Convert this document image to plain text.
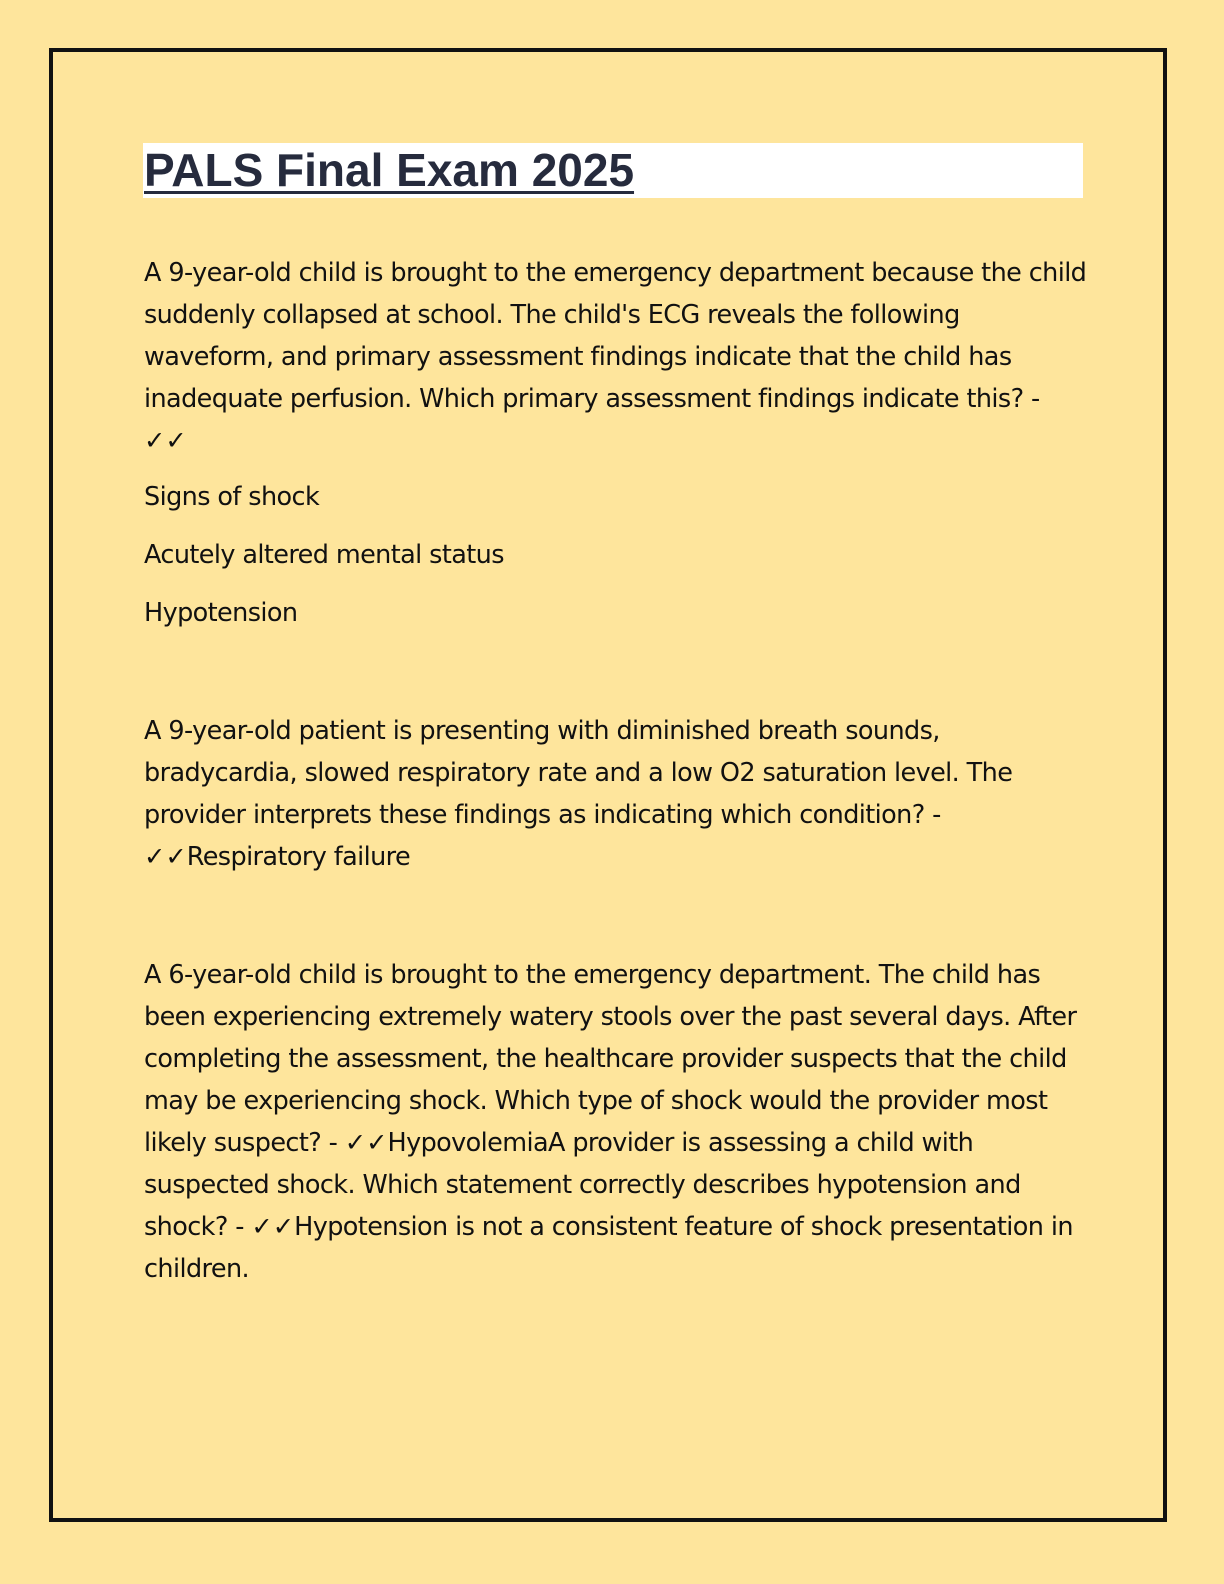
PALS Final Exam 2025

A 9-year-old child is brought to the emergency department because the child suddenly collapsed at school. The child's ECG reveals the following waveform, and primary assessment findings indicate that the child has inadequate perfusion. Which primary assessment findings indicate this? - ✓✓

Signs of shock

Acutely altered mental status

Hypotension

A 9-year-old patient is presenting with diminished breath sounds, bradycardia, slowed respiratory rate and a low O2 saturation level. The provider interprets these findings as indicating which condition? - ✓✓Respiratory failure

A 6-year-old child is brought to the emergency department. The child has been experiencing extremely watery stools over the past several days. After completing the assessment, the healthcare provider suspects that the child may be experiencing shock. Which type of shock would the provider most likely suspect? - ✓✓HypovolemiaA provider is assessing a child with suspected shock. Which statement correctly describes hypotension and shock? - ✓✓Hypotension is not a consistent feature of shock presentation in children.
